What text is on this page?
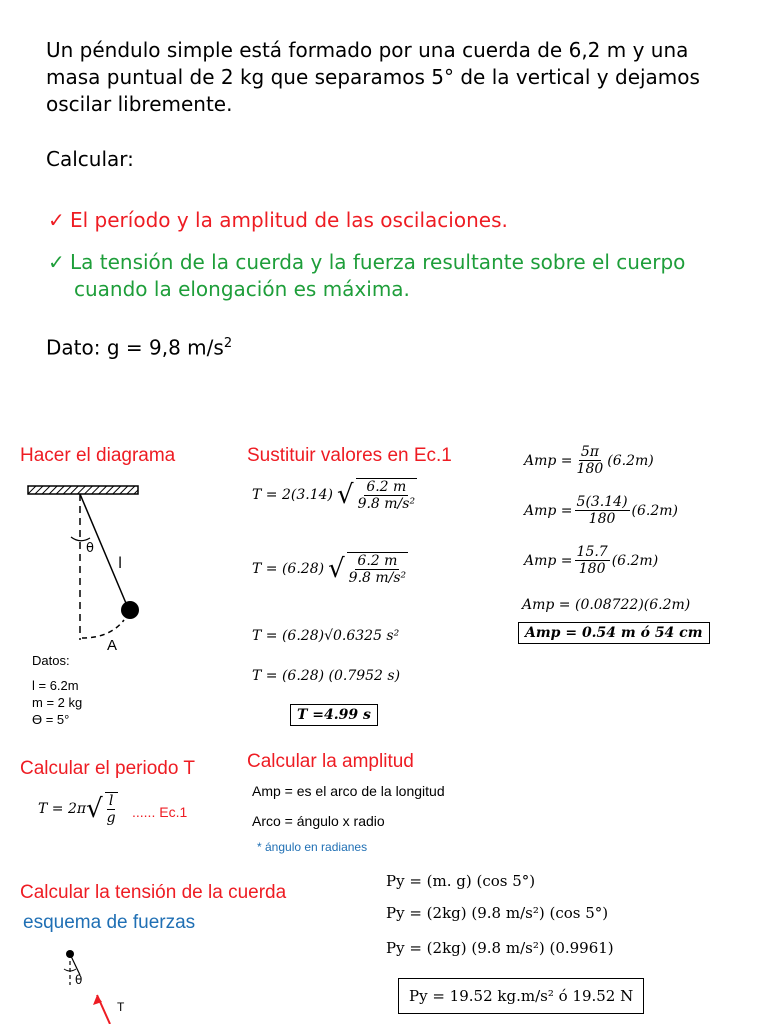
Un péndulo simple está formado por una cuerda de 6,2 m y una
masa puntual de 2 kg que separamos 5° de la vertical y dejamos
oscilar libremente.
Calcular:
✓ El período y la amplitud de las oscilaciones.
✓ La tensión de la cuerda y la fuerza resultante sobre el cuerpo
cuando la elongación es máxima.
Dato: g = 9,8 $m/s^2$
Hacer el diagrama
θ
l
A
Datos:
l = 6.2m
m = 2 kg
Ɵ = 5°
Sustituir valores en Ec.1
T = 2(3.14) √ $\frac{6.2 m}{\text{9.8 m/s²}}$
T = (6.28) √ $\frac{6.2 m}{\text{9.8 m/s²}}$
T = (6.28)√0.6325 s²
T = (6.28) (0.7952 s)
T =4.99 s
Amp = $\frac{5\pi}{180} (6.2m)$
Amp = $\frac{5(3.14)}{180} (6.2m)$
Amp = $\frac{15.7}{180} (6.2m)$
Amp = (0.08722)(6.2m)
Amp = 0.54 m ó 54 cm
Calcular el periodo T
T = 2π √ $\frac{l}{g}$ ...... Ec.1
Calcular la amplitud
Amp = es el arco de la longitud
Arco = ángulo x radio
* ángulo en radianes
Calcular la tensión de la cuerda
esquema de fuerzas
θ
T
Py = (m. g) (cos 5°)
Py = (2kg) (9.8 m/s²) (cos 5°)
Py = (2kg) (9.8 m/s²) (0.9961)
Py = 19.52 kg.m/s² ó 19.52 N
